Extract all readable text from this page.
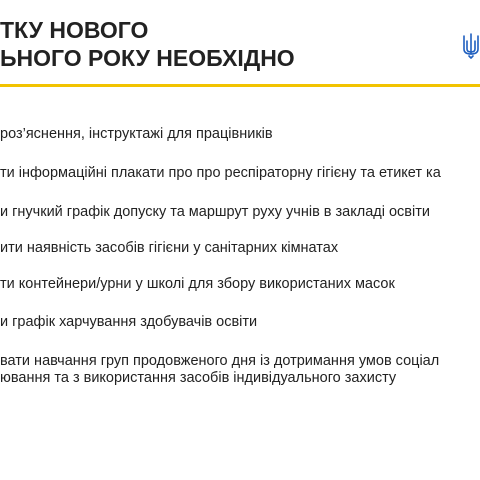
ТКУ НОВОГО
ЬНОГО РОКУ НЕОБХІДНО
роз’яснення, інструктажі для працівників
ти інформаційні плакати про про респіраторну гігієну та етикет ка
и гнучкий графік допуску та маршрут руху учнів в закладі освіти
ити наявність засобів гігієни у санітарних кімнатах
ти контейнери/урни у школі для збору використаних масок
и графік харчування здобувачів освіти
вати навчання груп продовженого дня із дотримання умов соціал
ювання та з використання засобів індивідуального захисту
